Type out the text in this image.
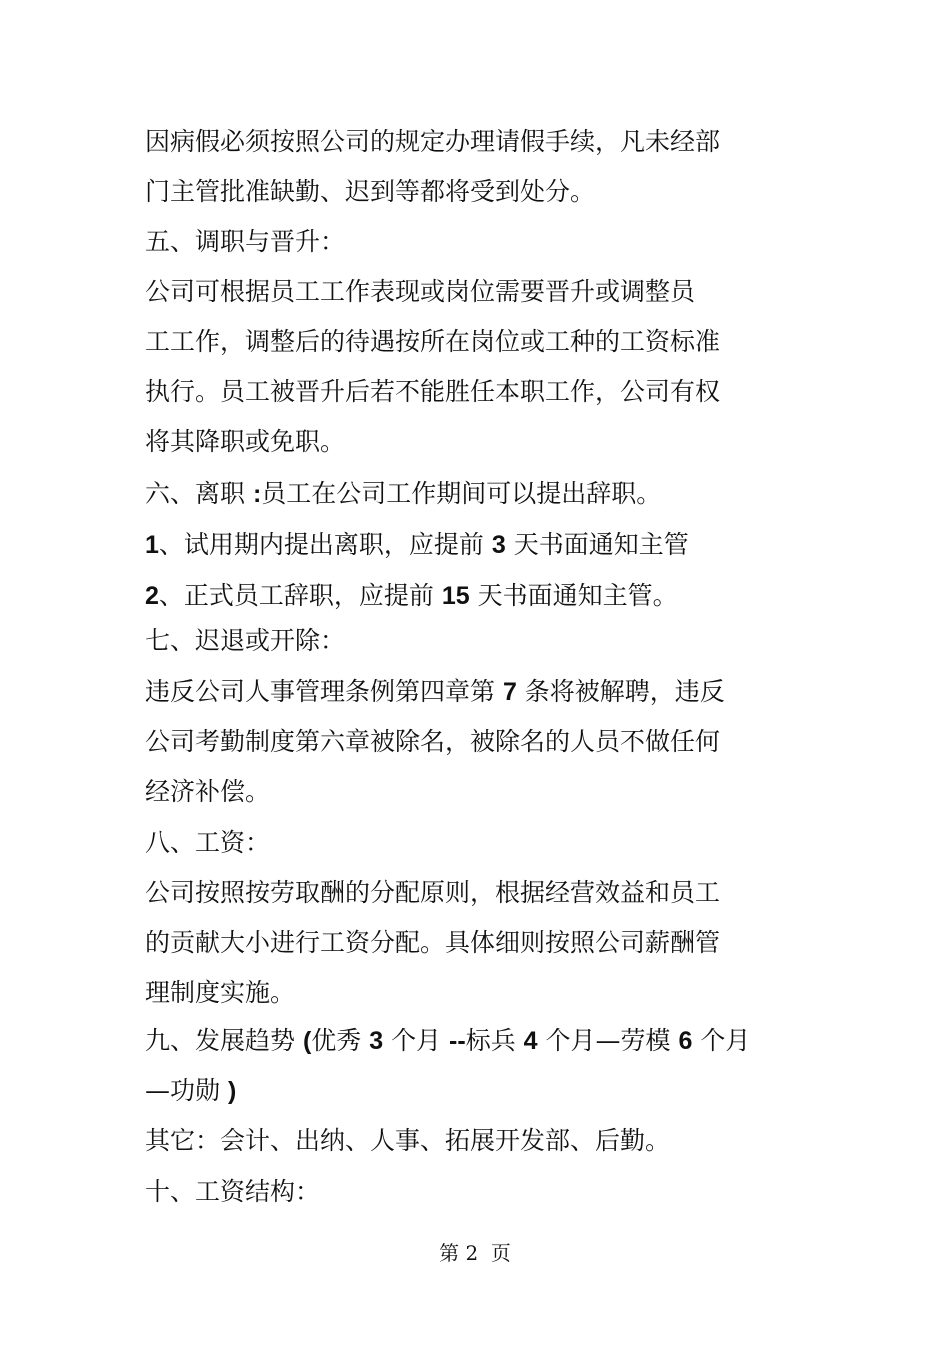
因病假必须按照公司的规定办理请假手续，凡未经部

门主管批准缺勤、迟到等都将受到处分。

五、调职与晋升：

公司可根据员工工作表现或岗位需要晋升或调整员

工工作，调整后的待遇按所在岗位或工种的工资标准

执行。员工被晋升后若不能胜任本职工作，公司有权

将其降职或免职。

六、离职 :员工在公司工作期间可以提出辞职。

1、试用期内提出离职，应提前 3 天书面通知主管

2、正式员工辞职，应提前 15 天书面通知主管。

七、迟退或开除：

违反公司人事管理条例第四章第 7 条将被解聘，违反

公司考勤制度第六章被除名，被除名的人员不做任何

经济补偿。

八、工资：

公司按照按劳取酬的分配原则，根据经营效益和员工

的贡献大小进行工资分配。具体细则按照公司薪酬管

理制度实施。

九、发展趋势 (优秀 3 个月 --标兵 4 个月—劳模 6 个月

—功勋 )

其它：会计、出纳、人事、拓展开发部、后勤。

十、工资结构：

第 2 页
